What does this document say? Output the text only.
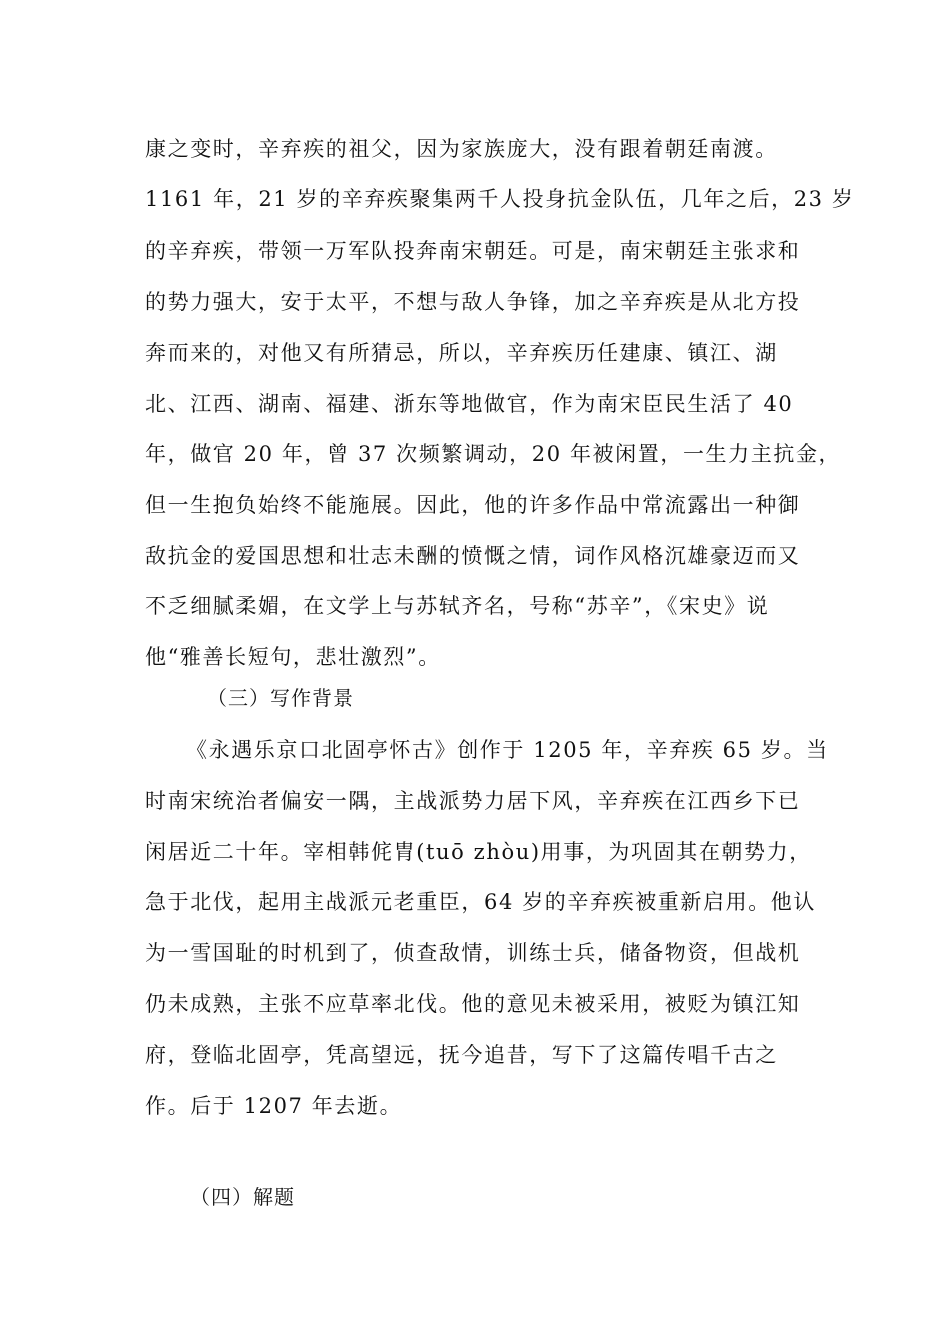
康之变时，辛弃疾的祖父，因为家族庞大，没有跟着朝廷南渡。
1161 年，21 岁的辛弃疾聚集两千人投身抗金队伍，几年之后，23 岁
的辛弃疾，带领一万军队投奔南宋朝廷。可是，南宋朝廷主张求和
的势力强大，安于太平，不想与敌人争锋，加之辛弃疾是从北方投
奔而来的，对他又有所猜忌，所以，辛弃疾历任建康、镇江、湖
北、江西、湖南、福建、浙东等地做官，作为南宋臣民生活了 40
年，做官 20 年，曾 37 次频繁调动，20 年被闲置，一生力主抗金，
但一生抱负始终不能施展。因此，他的许多作品中常流露出一种御
敌抗金的爱国思想和壮志未酬的愤慨之情，词作风格沉雄豪迈而又
不乏细腻柔媚，在文学上与苏轼齐名，号称“苏辛”，《宋史》说
他“雅善长短句，悲壮激烈”。
（三）写作背景
《永遇乐京口北固亭怀古》创作于 1205 年，辛弃疾 65 岁。当
时南宋统治者偏安一隅，主战派势力居下风，辛弃疾在江西乡下已
闲居近二十年。宰相韩侂胄(tuō zhòu)用事，为巩固其在朝势力，
急于北伐，起用主战派元老重臣，64 岁的辛弃疾被重新启用。他认
为一雪国耻的时机到了，侦查敌情，训练士兵，储备物资，但战机
仍未成熟，主张不应草率北伐。他的意见未被采用，被贬为镇江知
府，登临北固亭，凭高望远，抚今追昔，写下了这篇传唱千古之
作。后于 1207 年去逝。
（四）解题
